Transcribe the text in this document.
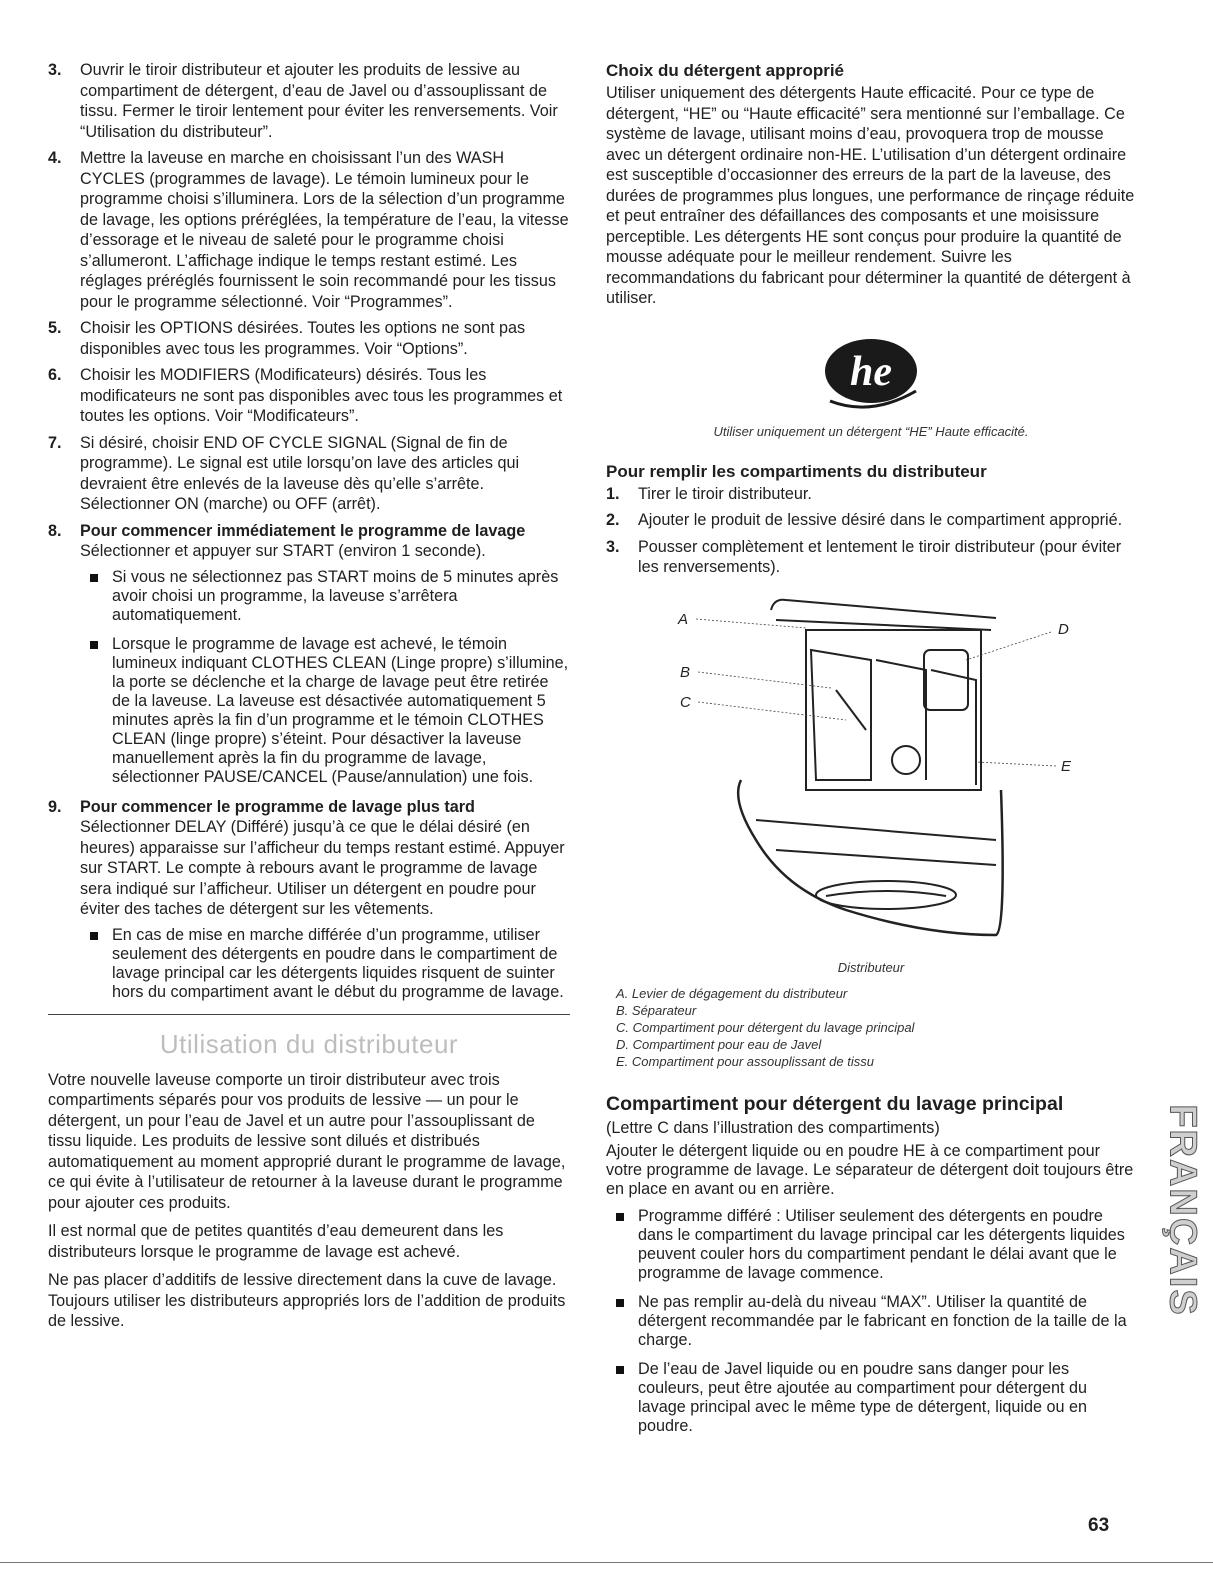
3. Ouvrir le tiroir distributeur et ajouter les produits de lessive au compartiment de détergent, d’eau de Javel ou d’assouplissant de tissu. Fermer le tiroir lentement pour éviter les renversements. Voir “Utilisation du distributeur”.
4. Mettre la laveuse en marche en choisissant l’un des WASH CYCLES (programmes de lavage). Le témoin lumineux pour le programme choisi s’illuminera. Lors de la sélection d’un programme de lavage, les options préréglées, la température de l’eau, la vitesse d’essorage et le niveau de saleté pour le programme choisi s’allumeront. L’affichage indique le temps restant estimé. Les réglages préréglés fournissent le soin recommandé pour les tissus pour le programme sélectionné. Voir “Programmes”.
5. Choisir les OPTIONS désirées. Toutes les options ne sont pas disponibles avec tous les programmes. Voir “Options”.
6. Choisir les MODIFIERS (Modificateurs) désirés. Tous les modificateurs ne sont pas disponibles avec tous les programmes et toutes les options. Voir “Modificateurs”.
7. Si désiré, choisir END OF CYCLE SIGNAL (Signal de fin de programme). Le signal est utile lorsqu’on lave des articles qui devraient être enlevés de la laveuse dès qu’elle s’arrête. Sélectionner ON (marche) ou OFF (arrêt).
8. Pour commencer immédiatement le programme de lavage
Sélectionner et appuyer sur START (environ 1 seconde).
Si vous ne sélectionnez pas START moins de 5 minutes après avoir choisi un programme, la laveuse s’arrêtera automatiquement.
Lorsque le programme de lavage est achevé, le témoin lumineux indiquant CLOTHES CLEAN (Linge propre) s’illumine, la porte se déclenche et la charge de lavage peut être retirée de la laveuse. La laveuse est désactivée automatiquement 5 minutes après la fin d’un programme et le témoin CLOTHES CLEAN (linge propre) s’éteint. Pour désactiver la laveuse manuellement après la fin du programme de lavage, sélectionner PAUSE/CANCEL (Pause/annulation) une fois.
9. Pour commencer le programme de lavage plus tard
Sélectionner DELAY (Différé) jusqu’à ce que le délai désiré (en heures) apparaisse sur l’afficheur du temps restant estimé. Appuyer sur START. Le compte à rebours avant le programme de lavage sera indiqué sur l’afficheur. Utiliser un détergent en poudre pour éviter des taches de détergent sur les vêtements.
En cas de mise en marche différée d’un programme, utiliser seulement des détergents en poudre dans le compartiment de lavage principal car les détergents liquides risquent de suinter hors du compartiment avant le début du programme de lavage.
Utilisation du distributeur

Votre nouvelle laveuse comporte un tiroir distributeur avec trois compartiments séparés pour vos produits de lessive — un pour le détergent, un pour l’eau de Javel et un autre pour l’assouplissant de tissu liquide. Les produits de lessive sont dilués et distribués automatiquement au moment approprié durant le programme de lavage, ce qui évite à l’utilisateur de retourner à la laveuse durant le programme pour ajouter ces produits.

Il est normal que de petites quantités d’eau demeurent dans les distributeurs lorsque le programme de lavage est achevé.

Ne pas placer d’additifs de lessive directement dans la cuve de lavage. Toujours utiliser les distributeurs appropriés lors de l’addition de produits de lessive.

Choix du détergent approprié

Utiliser uniquement des détergents Haute efficacité. Pour ce type de détergent, “HE” ou “Haute efficacité” sera mentionné sur l’emballage. Ce système de lavage, utilisant moins d’eau, provoquera trop de mousse avec un détergent ordinaire non-HE. L’utilisation d’un détergent ordinaire est susceptible d’occasionner des erreurs de la part de la laveuse, des durées de programmes plus longues, une performance de rinçage réduite et peut entraîner des défaillances des composants et une moisissure perceptible. Les détergents HE sont conçus pour produire la quantité de mousse adéquate pour le meilleur rendement. Suivre les recommandations du fabricant pour déterminer la quantité de détergent à utiliser.

he
Utiliser uniquement un détergent “HE” Haute efficacité.
Pour remplir les compartiments du distributeur
1. Tirer le tiroir distributeur.
2. Ajouter le produit de lessive désiré dans le compartiment approprié.
3. Pousser complètement et lentement le tiroir distributeur (pour éviter les renversements).
A
B
C
D
E
Distributeur
A. Levier de dégagement du distributeur
B. Séparateur
C. Compartiment pour détergent du lavage principal
D. Compartiment pour eau de Javel
E. Compartiment pour assouplissant de tissu
Compartiment pour détergent du lavage principal

(Lettre C dans l’illustration des compartiments)

Ajouter le détergent liquide ou en poudre HE à ce compartiment pour votre programme de lavage. Le séparateur de détergent doit toujours être en place en avant ou en arrière.

Programme différé : Utiliser seulement des détergents en poudre dans le compartiment du lavage principal car les détergents liquides peuvent couler hors du compartiment pendant le délai avant que le programme de lavage commence.
Ne pas remplir au-delà du niveau “MAX”. Utiliser la quantité de détergent recommandée par le fabricant en fonction de la taille de la charge.
De l’eau de Javel liquide ou en poudre sans danger pour les couleurs, peut être ajoutée au compartiment pour détergent du lavage principal avec le même type de détergent, liquide ou en poudre.
FRANÇAIS
63
